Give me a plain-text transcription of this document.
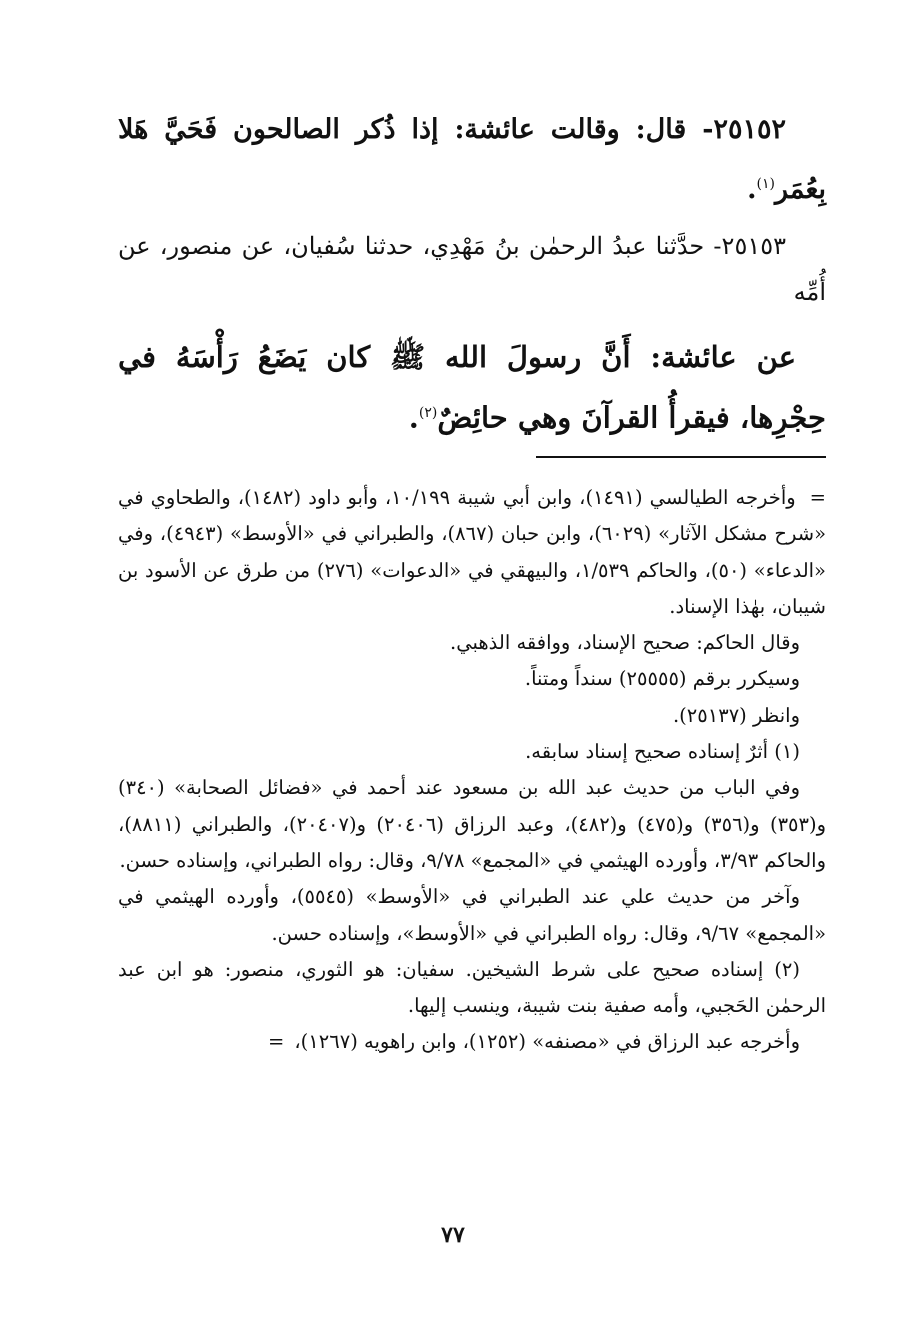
٢٥١٥٢- قال: وقالت عائشة: إذا ذُكر الصالحون فَحَيَّ هَلا بِعُمَر$^{(١)}$.

٢٥١٥٣- حدَّثنا عبدُ الرحمٰن بنُ مَهْدِي، حدثنا سُفيان، عن منصور، عن أُمِّه

عن عائشة: أَنَّ رسولَ الله ﷺ كان يَضَعُ رَأْسَهُ في حِجْرِها، فيقرأُ القرآنَ وهي حائِضٌ$^{(٢)}$.

=وأخرجه الطيالسي (١٤٩١)، وابن أبي شيبة ١٠/١٩٩، وأبو داود (١٤٨٢)، والطحاوي في «شرح مشكل الآثار» (٦٠٢٩)، وابن حبان (٨٦٧)، والطبراني في «الأوسط» (٤٩٤٣)، وفي «الدعاء» (٥٠)، والحاكم ١/٥٣٩، والبيهقي في «الدعوات» (٢٧٦) من طرق عن الأسود بن شيبان، بهٰذا الإسناد.

وقال الحاكم: صحيح الإسناد، ووافقه الذهبي.

وسيكرر برقم (٢٥٥٥٥) سنداً ومتناً.

وانظر (٢٥١٣٧).

(١) أثرٌ إسناده صحيح إسناد سابقه.

وفي الباب من حديث عبد الله بن مسعود عند أحمد في «فضائل الصحابة» (٣٤٠) و(٣٥٣) و(٣٥٦) و(٤٧٥) و(٤٨٢)، وعبد الرزاق (٢٠٤٠٦) و(٢٠٤٠٧)، والطبراني (٨٨١١)، والحاكم ٣/٩٣، وأورده الهيثمي في «المجمع» ٩/٧٨، وقال: رواه الطبراني، وإسناده حسن.

وآخر من حديث علي عند الطبراني في «الأوسط» (٥٥٤٥)، وأورده الهيثمي في «المجمع» ٩/٦٧، وقال: رواه الطبراني في «الأوسط»، وإسناده حسن.

(٢) إسناده صحيح على شرط الشيخين. سفيان: هو الثوري، منصور: هو ابن عبد الرحمٰن الحَجبي، وأمه صفية بنت شيبة، وينسب إليها.

وأخرجه عبد الرزاق في «مصنفه» (١٢٥٢)، وابن راهويه (١٢٦٧)،=

٧٧
